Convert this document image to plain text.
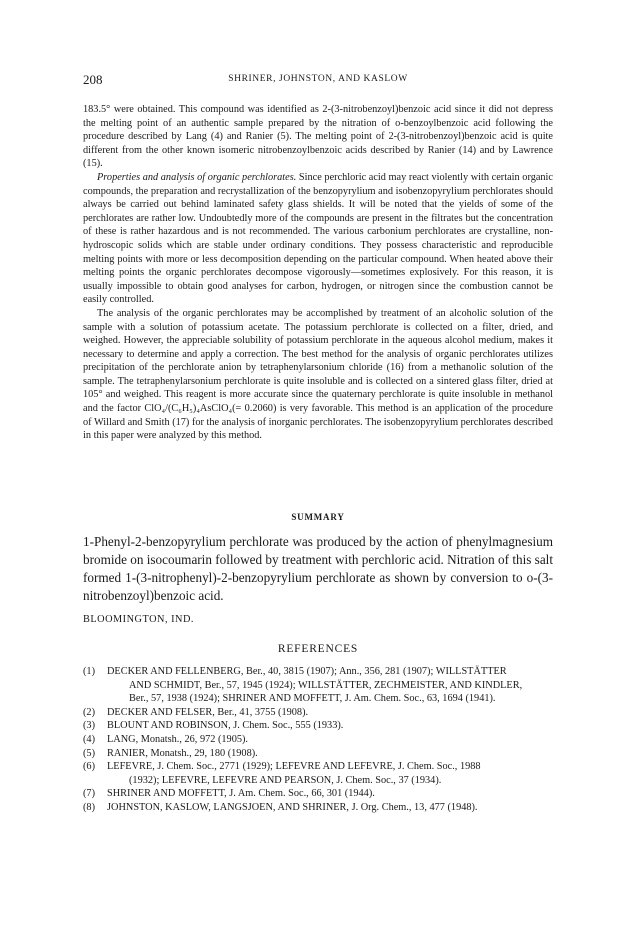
208	SHRINER, JOHNSTON, AND KASLOW

183.5° were obtained. This compound was identified as 2-(3-nitrobenzoyl)benzoic acid since it did not depress the melting point of an authentic sample prepared by the nitration of o-benzoylbenzoic acid following the procedure described by Lang (4) and Ranier (5). The melting point of 2-(3-nitrobenzoyl)benzoic acid is quite different from the other known isomeric nitrobenzoylbenzoic acids described by Ranier (14) and by Lawrence (15).

Properties and analysis of organic perchlorates. Since perchloric acid may react violently with certain organic compounds, the preparation and recrystallization of the benzopyrylium and isobenzopyrylium perchlorates should always be carried out behind laminated safety glass shields. It will be noted that the yields of some of the perchlorates are rather low. Undoubtedly more of the compounds are present in the filtrates but the concentration of these is rather hazardous and is not recommended. The various carbonium perchlorates are crystalline, non-hydroscopic solids which are stable under ordinary conditions. They possess characteristic and reproducible melting points with more or less decomposition depending on the particular compound. When heated above their melting points the organic perchlorates decompose vigorously—sometimes explosively. For this reason, it is usually impossible to obtain good analyses for carbon, hydrogen, or nitrogen since the combustion cannot be easily controlled.

The analysis of the organic perchlorates may be accomplished by treatment of an alcoholic solution of the sample with a solution of potassium acetate. The potassium perchlorate is collected on a filter, dried, and weighed. However, the appreciable solubility of potassium perchlorate in the aqueous alcohol medium, makes it necessary to determine and apply a correction. The best method for the analysis of organic perchlorates utilizes precipitation of the perchlorate anion by tetraphenylarsonium chloride (16) from a methanolic solution of the sample. The tetraphenylarsonium perchlorate is quite insoluble and is collected on a sintered glass filter, dried at 105° and weighed. This reagent is more accurate since the quaternary perchlorate is quite insoluble in methanol and the factor ClO₄/(C₆H₅)₄AsClO₄(= 0.2060) is very favorable. This method is an application of the procedure of Willard and Smith (17) for the analysis of inorganic perchlorates. The isobenzopyrylium perchlorates described in this paper were analyzed by this method.

SUMMARY
1-Phenyl-2-benzopyrylium perchlorate was produced by the action of phenylmagnesium bromide on isocoumarin followed by treatment with perchloric acid. Nitration of this salt formed 1-(3-nitrophenyl)-2-benzopyrylium perchlorate as shown by conversion to o-(3-nitrobenzoyl)benzoic acid.
BLOOMINGTON, IND.
REFERENCES
(1) DECKER AND FELLENBERG, Ber., 40, 3815 (1907); Ann., 356, 281 (1907); WILLSTÄTTER
AND SCHMIDT, Ber., 57, 1945 (1924); WILLSTÄTTER, ZECHMEISTER, AND KINDLER,
Ber., 57, 1938 (1924); SHRINER AND MOFFETT, J. Am. Chem. Soc., 63, 1694 (1941).
(2) DECKER AND FELSER, Ber., 41, 3755 (1908).
(3) BLOUNT AND ROBINSON, J. Chem. Soc., 555 (1933).
(4) LANG, Monatsh., 26, 972 (1905).
(5) RANIER, Monatsh., 29, 180 (1908).
(6) LEFEVRE, J. Chem. Soc., 2771 (1929); LEFEVRE AND LEFEVRE, J. Chem. Soc., 1988
(1932); LEFEVRE, LEFEVRE AND PEARSON, J. Chem. Soc., 37 (1934).
(7) SHRINER AND MOFFETT, J. Am. Chem. Soc., 66, 301 (1944).
(8) JOHNSTON, KASLOW, LANGSJOEN, AND SHRINER, J. Org. Chem., 13, 477 (1948).
